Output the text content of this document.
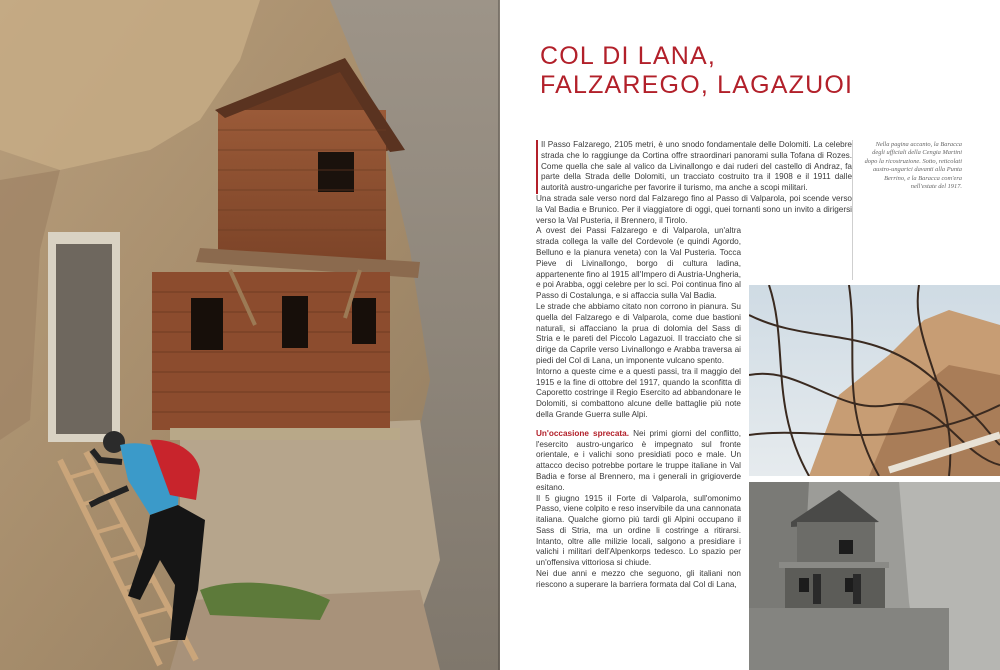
COL DI LANA,
FALZAREGO, LAGAZUOI

Il Passo Falzarego, 2105 metri, è uno snodo fondamentale delle Dolomiti. La celebre strada che lo raggiunge da Cortina offre straordinari panorami sulla Tofana di Rozes. Come quella che sale al valico da Livinallongo e dai ruderi del castello di Andraz, fa parte della Strada delle Dolomiti, un tracciato costruito tra il 1908 e il 1911 dalle autorità austro-ungariche per favorire il turismo, ma anche a scopi militari.

Una strada sale verso nord dal Falzarego fino al Passo di Valparola, poi scende verso la Val Badia e Brunico. Per il viaggiatore di oggi, quei tornanti sono un invito a dirigersi verso la Val Pusteria, il Brennero, il Tirolo.

A ovest dei Passi Falzarego e di Valparola, un'altra strada collega la valle del Cordevole (e quindi Agordo, Belluno e la pianura veneta) con la Val Pusteria. Tocca Pieve di Livinallongo, borgo di cultura ladina, appartenente fino al 1915 all'Impero di Austria-Ungheria, e poi Arabba, oggi celebre per lo sci. Poi continua fino al Passo di Costalunga, e si affaccia sulla Val Badia.

Le strade che abbiamo citato non corrono in pianura. Su quella del Falzarego e di Valparola, come due bastioni naturali, si affacciano la prua di dolomia del Sass di Stria e le pareti del Piccolo Lagazuoi. Il tracciato che si dirige da Caprile verso Livinallongo e Arabba traversa ai piedi del Col di Lana, un imponente vulcano spento.

Intorno a queste cime e a questi passi, tra il maggio del 1915 e la fine di ottobre del 1917, quando la sconfitta di Caporetto costringe il Regio Esercito ad abbandonare le Dolomiti, si combattono alcune delle battaglie più note della Grande Guerra sulle Alpi.

Un'occasione sprecata. Nei primi giorni del conflitto, l'esercito austro-ungarico è impegnato sul fronte orientale, e i valichi sono presidiati poco e male. Un attacco deciso potrebbe portare le truppe italiane in Val Badia e forse al Brennero, ma i generali in grigioverde esitano.

Il 5 giugno 1915 il Forte di Valparola, sull'omonimo Passo, viene colpito e reso inservibile da una cannonata italiana. Qualche giorno più tardi gli Alpini occupano il Sass di Stria, ma un ordine li costringe a ritirarsi. Intanto, oltre alle milizie locali, salgono a presidiare i valichi i militari dell'Alpenkorps tedesco. Lo spazio per un'offensiva vittoriosa si chiude.

Nei due anni e mezzo che seguono, gli italiani non riescono a superare la barriera formata dal Col di Lana,

Nella pagina accanto, la Baracca degli ufficiali della Cengia Martini dopo la ricostruzione. Sotto, reticolati austro-ungarici davanti alla Punta Berrino, e la Baracca com'era nell'estate del 1917.
